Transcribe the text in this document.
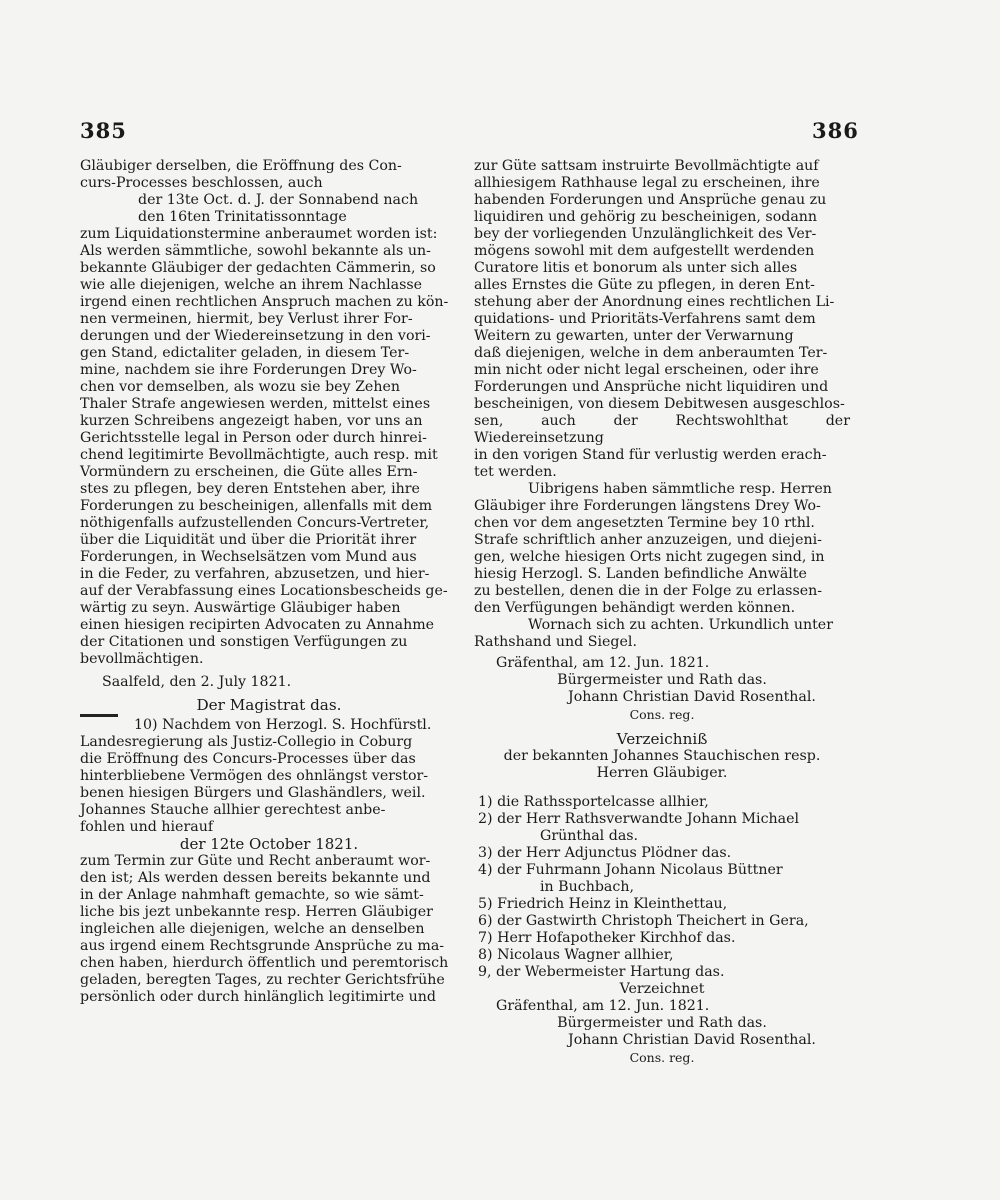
385	386

Gläubiger derselben, die Eröffnung des Con-

curs-Processes beschlossen, auch

der 13te Oct. d. J. der Sonnabend nach

den 16ten Trinitatissonntage

zum Liquidationstermine anberaumet worden ist:

Als werden sämmtliche, sowohl bekannte als un-

bekannte Gläubiger der gedachten Cämmerin, so

wie alle diejenigen, welche an ihrem Nachlasse

irgend einen rechtlichen Anspruch machen zu kön-

nen vermeinen, hiermit, bey Verlust ihrer For-

derungen und der Wiedereinsetzung in den vori-

gen Stand, edictaliter geladen, in diesem Ter-

mine, nachdem sie ihre Forderungen Drey Wo-

chen vor demselben, als wozu sie bey Zehen

Thaler Strafe angewiesen werden, mittelst eines

kurzen Schreibens angezeigt haben, vor uns an

Gerichtsstelle legal in Person oder durch hinrei-

chend legitimirte Bevollmächtigte, auch resp. mit

Vormündern zu erscheinen, die Güte alles Ern-

stes zu pflegen, bey deren Entstehen aber, ihre

Forderungen zu bescheinigen, allenfalls mit dem

nöthigenfalls aufzustellenden Concurs-Vertreter,

über die Liquidität und über die Priorität ihrer

Forderungen, in Wechselsätzen vom Mund aus

in die Feder, zu verfahren, abzusetzen, und hier-

auf der Verabfassung eines Locationsbescheids ge-

wärtig zu seyn. Auswärtige Gläubiger haben

einen hiesigen recipirten Advocaten zu Annahme

der Citationen und sonstigen Verfügungen zu

bevollmächtigen.

Saalfeld, den 2. July 1821.

Der Magistrat das.

10) Nachdem von Herzogl. S. Hochfürstl.

Landesregierung als Justiz-Collegio in Coburg

die Eröffnung des Concurs-Processes über das

hinterbliebene Vermögen des ohnlängst verstor-

benen hiesigen Bürgers und Glashändlers, weil.

Johannes Stauche allhier gerechtest anbe-

fohlen und hierauf

der 12te October 1821.

zum Termin zur Güte und Recht anberaumt wor-

den ist; Als werden dessen bereits bekannte und

in der Anlage nahmhaft gemachte, so wie sämt-

liche bis jezt unbekannte resp. Herren Gläubiger

ingleichen alle diejenigen, welche an denselben

aus irgend einem Rechtsgrunde Ansprüche zu ma-

chen haben, hierdurch öffentlich und peremtorisch

geladen, beregten Tages, zu rechter Gerichtsfrühe

persönlich oder durch hinlänglich legitimirte und

zur Güte sattsam instruirte Bevollmächtigte auf

allhiesigem Rathhause legal zu erscheinen, ihre

habenden Forderungen und Ansprüche genau zu

liquidiren und gehörig zu bescheinigen, sodann

bey der vorliegenden Unzulänglichkeit des Ver-

mögens sowohl mit dem aufgestellt werdenden

Curatore litis et bonorum als unter sich alles

alles Ernstes die Güte zu pflegen, in deren Ent-

stehung aber der Anordnung eines rechtlichen Li-

quidations- und Prioritäts-Verfahrens samt dem

Weitern zu gewarten, unter der Verwarnung

daß diejenigen, welche in dem anberaumten Ter-

min nicht oder nicht legal erscheinen, oder ihre

Forderungen und Ansprüche nicht liquidiren und

bescheinigen, von diesem Debitwesen ausgeschlos-

sen, auch der Rechtswohlthat der Wiedereinsetzung

in den vorigen Stand für verlustig werden erach-

tet werden.

Uibrigens haben sämmtliche resp. Herren

Gläubiger ihre Forderungen längstens Drey Wo-

chen vor dem angesetzten Termine bey 10 rthl.

Strafe schriftlich anher anzuzeigen, und diejeni-

gen, welche hiesigen Orts nicht zugegen sind, in

hiesig Herzogl. S. Landen befindliche Anwälte

zu bestellen, denen die in der Folge zu erlassen-

den Verfügungen behändigt werden können.

Wornach sich zu achten. Urkundlich unter

Rathshand und Siegel.

Gräfenthal, am 12. Jun. 1821.

Bürgermeister und Rath das.

Johann Christian David Rosenthal.

Cons. reg.

Verzeichniß

der bekannten Johannes Stauchischen resp.

Herren Gläubiger.

1) die Rathssportelcasse allhier,

2) der Herr Rathsverwandte Johann Michael

Grünthal das.

3) der Herr Adjunctus Plödner das.

4) der Fuhrmann Johann Nicolaus Büttner

in Buchbach,

5) Friedrich Heinz in Kleinthettau,

6) der Gastwirth Christoph Theichert in Gera,

7) Herr Hofapotheker Kirchhof das.

8) Nicolaus Wagner allhier,

9, der Webermeister Hartung das.

Verzeichnet

Gräfenthal, am 12. Jun. 1821.

Bürgermeister und Rath das.

Johann Christian David Rosenthal.

Cons. reg.
